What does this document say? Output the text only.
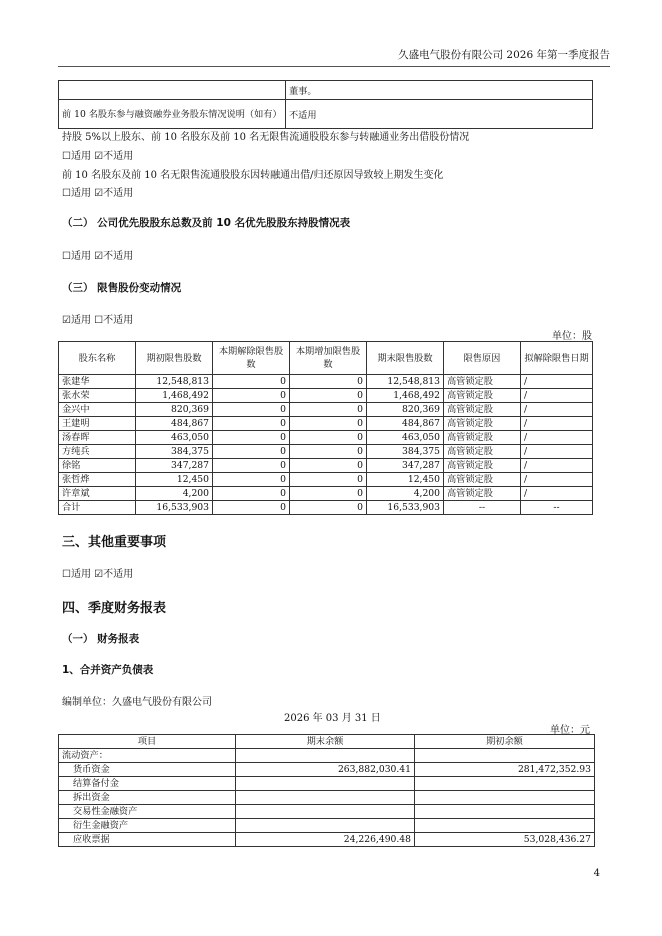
久盛电气股份有限公司 2026 年第一季度报告
	董事。
前 10 名股东参与融资融券业务股东情况说明（如有）	不适用
持股 5%以上股东、前 10 名股东及前 10 名无限售流通股股东参与转融通业务出借股份情况
☐适用 ☑不适用
前 10 名股东及前 10 名无限售流通股股东因转融通出借/归还原因导致较上期发生变化
☐适用 ☑不适用
（二） 公司优先股股东总数及前 10 名优先股股东持股情况表
☐适用 ☑不适用
（三） 限售股份变动情况
☑适用 ☐不适用
单位：股
股东名称	期初限售股数	本期解除限售股数	本期增加限售股数	期末限售股数	限售原因	拟解除限售日期
张建华	12,548,813	0	0	12,548,813	高管锁定股	/
张水荣	1,468,492	0	0	1,468,492	高管锁定股	/
金兴中	820,369	0	0	820,369	高管锁定股	/
王建明	484,867	0	0	484,867	高管锁定股	/
汤春晖	463,050	0	0	463,050	高管锁定股	/
方纯兵	384,375	0	0	384,375	高管锁定股	/
徐铭	347,287	0	0	347,287	高管锁定股	/
张哲烨	12,450	0	0	12,450	高管锁定股	/
许章斌	4,200	0	0	4,200	高管锁定股	/
合计	16,533,903	0	0	16,533,903	--	--
三、其他重要事项
☐适用 ☑不适用
四、季度财务报表
（一） 财务报表
1、合并资产负债表
编制单位：久盛电气股份有限公司
2026 年 03 月 31 日
单位：元
项目	期末余额	期初余额
流动资产：		
货币资金	263,882,030.41	281,472,352.93
结算备付金		
拆出资金		
交易性金融资产		
衍生金融资产		
应收票据	24,226,490.48	53,028,436.27
4
